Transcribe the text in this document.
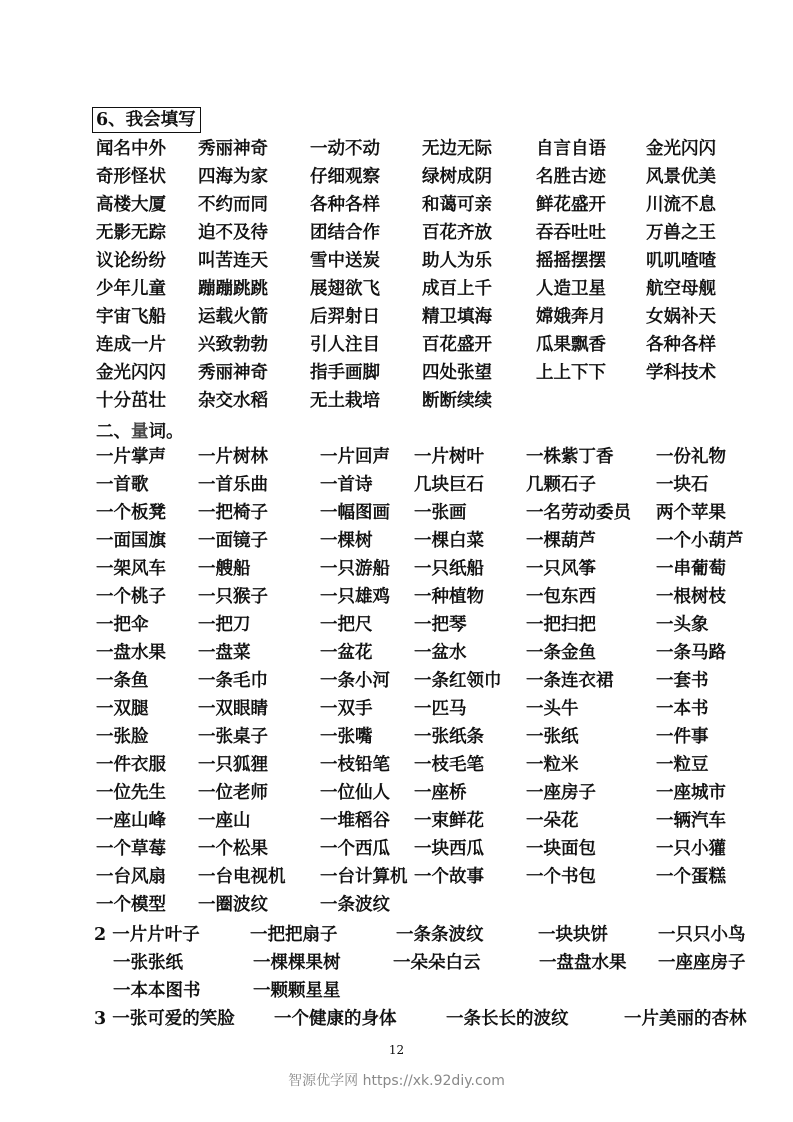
6、我会填写
闻名中外 秀丽神奇 一动不动 无边无际	自言自语 金光闪闪
奇形怪状 四海为家 仔细观察 绿树成阴	名胜古迹 风景优美
高楼大厦 不约而同 各种各样 和蔼可亲	鲜花盛开 川流不息
无影无踪 迫不及待 团结合作 百花齐放	吞吞吐吐 万兽之王
议论纷纷 叫苦连天 雪中送炭 助人为乐	摇摇摆摆 叽叽喳喳
少年儿童 蹦蹦跳跳 展翅欲飞 成百上千	人造卫星 航空母舰
宇宙飞船 运载火箭 后羿射日 精卫填海	嫦娥奔月 女娲补天
连成一片 兴致勃勃 引人注目 百花盛开	瓜果飘香 各种各样
金光闪闪 秀丽神奇 指手画脚 四处张望	上上下下 学科技术
十分茁壮 杂交水稻 无土栽培 断断续续
二、量词。
一片掌声 一片树林	一片回声 一片树叶 一株紫丁香 一份礼物
一首歌	一首乐曲	一首诗 几块巨石 几颗石子	一块石
一个板凳 一把椅子	一幅图画 一张画	一名劳动委员 两个苹果
一面国旗 一面镜子	一棵树 一棵白菜 一棵葫芦	一个小葫芦
一架风车 一艘船	一只游船 一只纸船 一只风筝	一串葡萄
一个桃子 一只猴子	一只雄鸡 一种植物 一包东西	一根树枝
一把伞	一把刀	一把尺 一把琴	一把扫把	一头象
一盘水果 一盘菜	一盆花 一盆水	一条金鱼	一条马路
一条鱼	一条毛巾	一条小河 一条红领巾 一条连衣裙 一套书
一双腿	一双眼睛	一双手 一匹马	一头牛	一本书
一张脸	一张桌子	一张嘴 一张纸条 一张纸	一件事
一件衣服 一只狐狸	一枝铅笔 一枝毛笔 一粒米	一粒豆
一位先生 一位老师	一位仙人 一座桥	一座房子	一座城市
一座山峰 一座山	一堆稻谷 一束鲜花 一朵花	一辆汽车
一个草莓 一个松果	一个西瓜 一块西瓜 一块面包	一只小獾
一台风扇 一台电视机 一台计算机 一个故事 一个书包	一个蛋糕
一个模型 一圈波纹	一条波纹
2 一片片叶子	一把把扇子	一条条波纹	一块块饼	一只只小鸟
一张张纸	一棵棵果树	一朵朵白云	一盘盘水果 一座座房子
一本本图书	一颗颗星星
3 一张可爱的笑脸 一个健康的身体	一条长长的波纹	一片美丽的杏林
12
智源优学网 https://xk.92diy.com
